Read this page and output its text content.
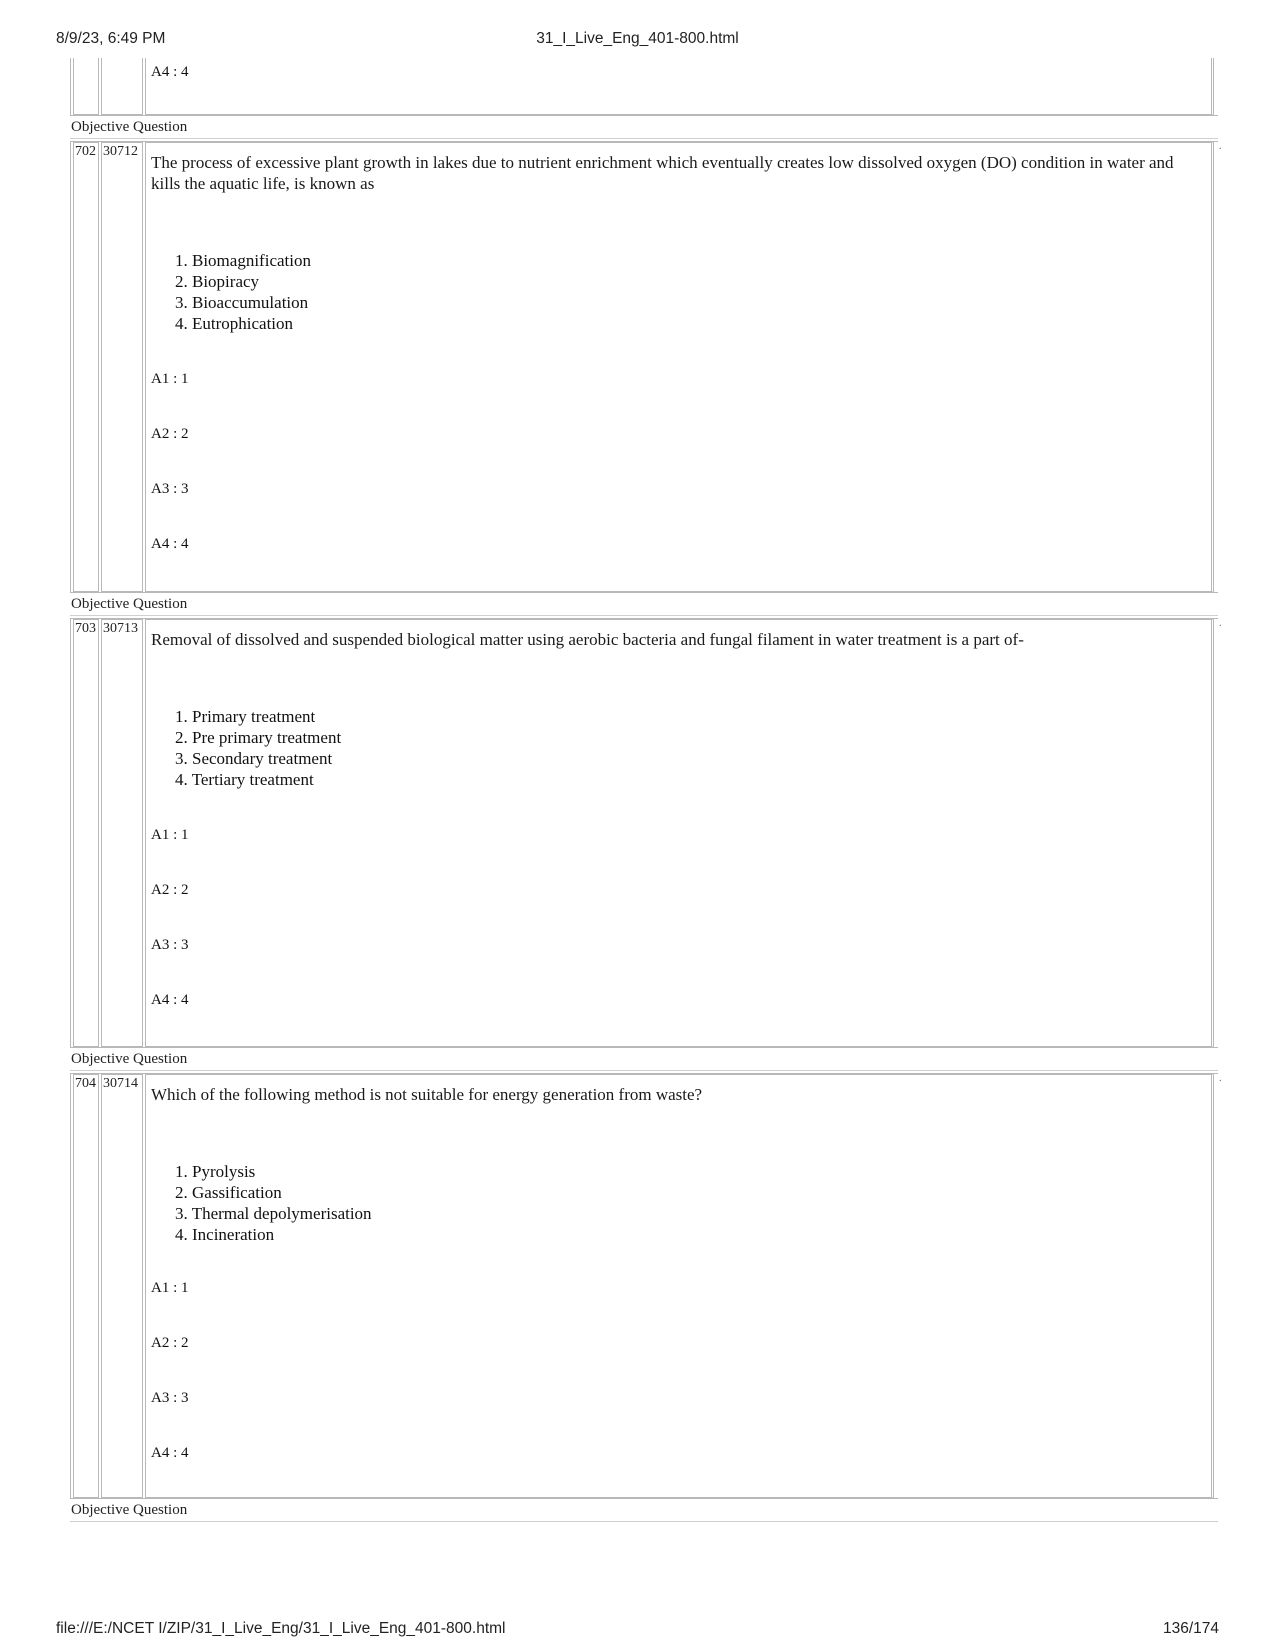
8/9/23, 6:49 PM	31_I_Live_Eng_401-800.html
A4 : 4
Objective Question
702 30712	·

The process of excessive plant growth in lakes due to nutrient enrichment which eventually creates low dissolved oxygen (DO) condition in water and kills the aquatic life, is known as

1. Biomagnification
2. Biopiracy
3. Bioaccumulation
4. Eutrophication
A1 : 1
A2 : 2
A3 : 3
A4 : 4
Objective Question
703 30713	·

Removal of dissolved and suspended biological matter using aerobic bacteria and fungal filament in water treatment is a part of-

1. Primary treatment
2. Pre primary treatment
3. Secondary treatment
4. Tertiary treatment
A1 : 1
A2 : 2
A3 : 3
A4 : 4
Objective Question
704 30714	·

Which of the following method is not suitable for energy generation from waste?

1. Pyrolysis
2. Gassification
3. Thermal depolymerisation
4. Incineration
A1 : 1
A2 : 2
A3 : 3
A4 : 4
Objective Question
file:///E:/NCET I/ZIP/31_I_Live_Eng/31_I_Live_Eng_401-800.html	136/174
